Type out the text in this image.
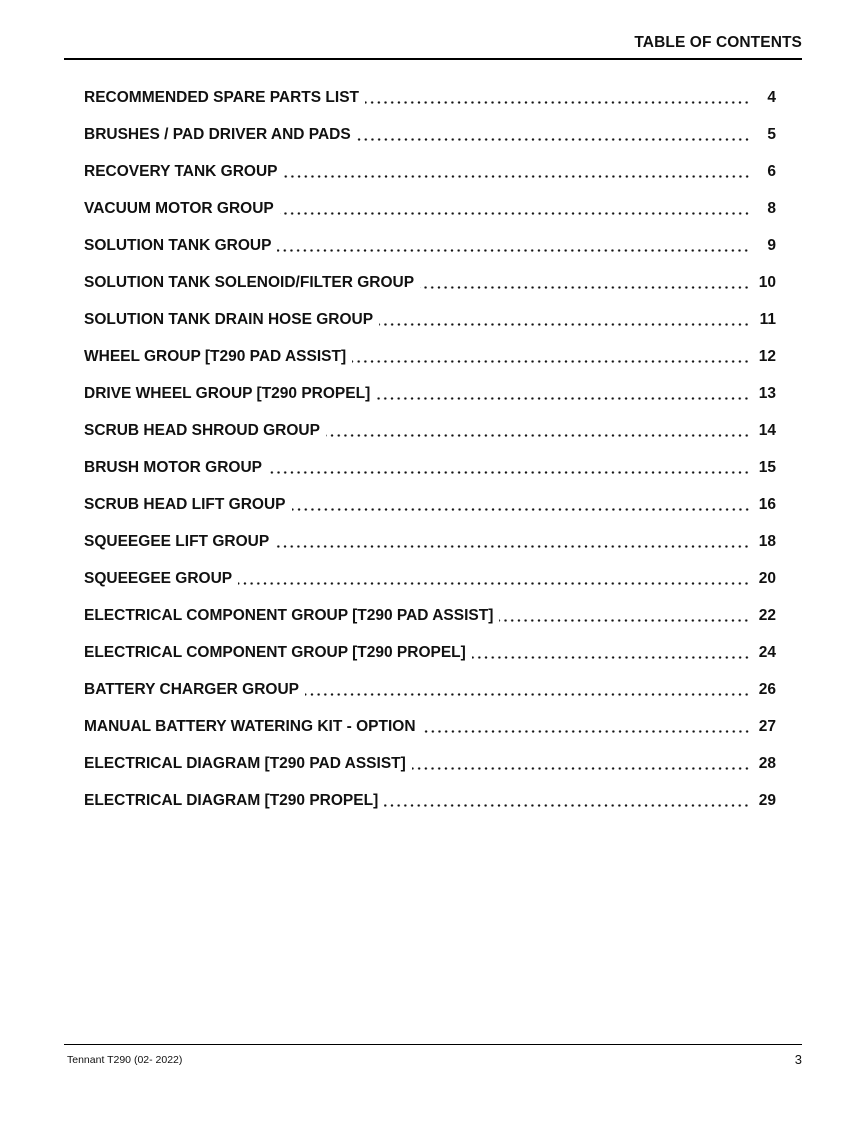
TABLE OF CONTENTS
RECOMMENDED SPARE PARTS LIST	4
BRUSHES / PAD DRIVER AND PADS	5
RECOVERY TANK GROUP	6
VACUUM MOTOR GROUP	8
SOLUTION TANK GROUP	9
SOLUTION TANK SOLENOID/FILTER GROUP	10
SOLUTION TANK DRAIN HOSE GROUP	11
WHEEL GROUP [T290 PAD ASSIST]	12
DRIVE WHEEL GROUP [T290 PROPEL]	13
SCRUB HEAD SHROUD GROUP	14
BRUSH MOTOR GROUP	15
SCRUB HEAD LIFT GROUP	16
SQUEEGEE LIFT GROUP	18
SQUEEGEE GROUP	20
ELECTRICAL COMPONENT GROUP [T290 PAD ASSIST]	22
ELECTRICAL COMPONENT GROUP [T290 PROPEL]	24
BATTERY CHARGER GROUP	26
MANUAL BATTERY WATERING KIT - OPTION	27
ELECTRICAL DIAGRAM [T290 PAD ASSIST]	28
ELECTRICAL DIAGRAM [T290 PROPEL]	29
Tennant T290 (02- 2022)	3
